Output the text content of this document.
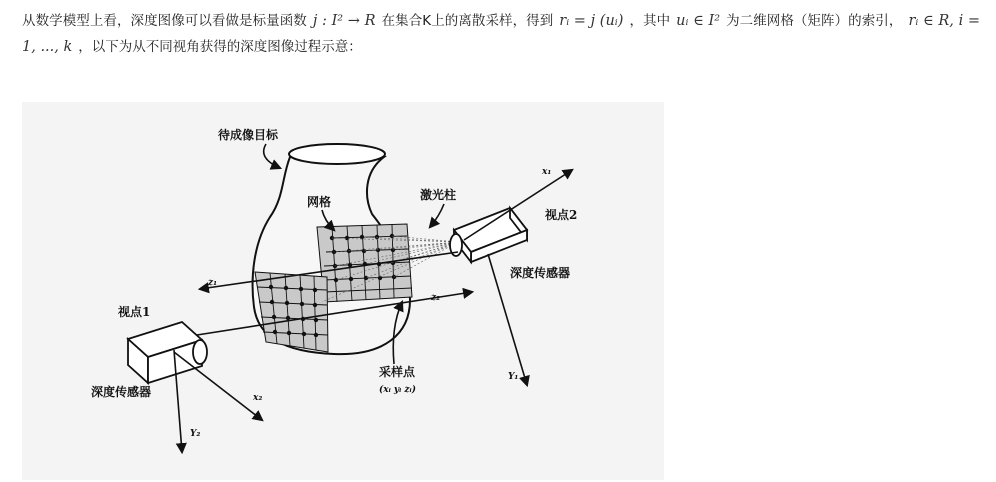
从数学模型上看，深度图像可以看做是标量函数 j : I² → R 在集合K上的离散采样，得到 rᵢ = j (uᵢ) ，其中 uᵢ ∈ I² 为二维网格（矩阵）的索引， rᵢ ∈ R, i = 1, ..., k ，以下为从不同视角获得的深度图像过程示意：
待成像目标
网格	激光柱
视点2
深度传感器
视点1
深度传感器
采样点
(xᵢ yᵢ zᵢ)
z₁
z₂
x₁
x₂
Y₁
Y₂
